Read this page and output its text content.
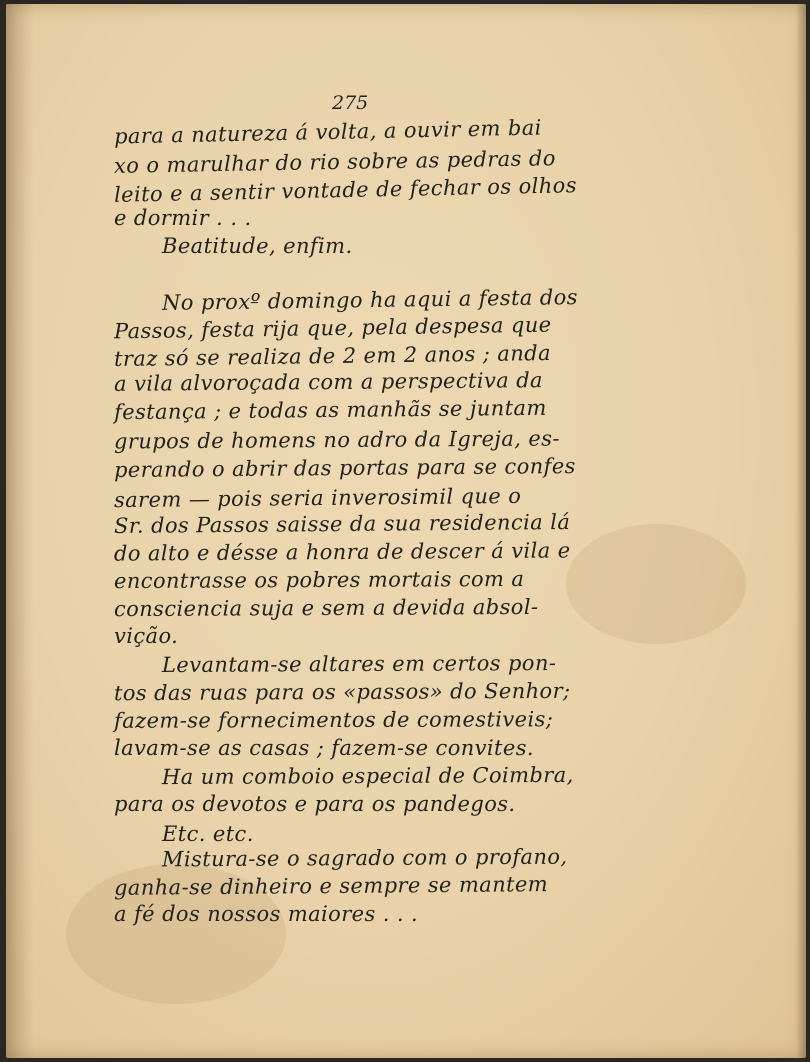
275
para a natureza á volta, a ouvir em bai
xo o marulhar do rio sobre as pedras do
leito e a sentir vontade de fechar os olhos
e dormir . . .
Beatitude, enfim.
No proxº domingo ha aqui a festa dos
Passos, festa rija que, pela despesa que
traz só se realiza de 2 em 2 anos ; anda
a vila alvoroçada com a perspectiva da
festança ; e todas as manhãs se juntam
grupos de homens no adro da Igreja, es-
perando o abrir das portas para se confes
sarem — pois seria inverosimil que o
Sr. dos Passos saisse da sua residencia lá
do alto e désse a honra de descer á vila e
encontrasse os pobres mortais com a
consciencia suja e sem a devida absol-
vição.
Levantam-se altares em certos pon-
tos das ruas para os «passos» do Senhor;
fazem-se fornecimentos de comestiveis;
lavam-se as casas ; fazem-se convites.
Ha um comboio especial de Coimbra,
para os devotos e para os pandegos.
Etc. etc.
Mistura-se o sagrado com o profano,
ganha-se dinheiro e sempre se mantem
a fé dos nossos maiores . . .
